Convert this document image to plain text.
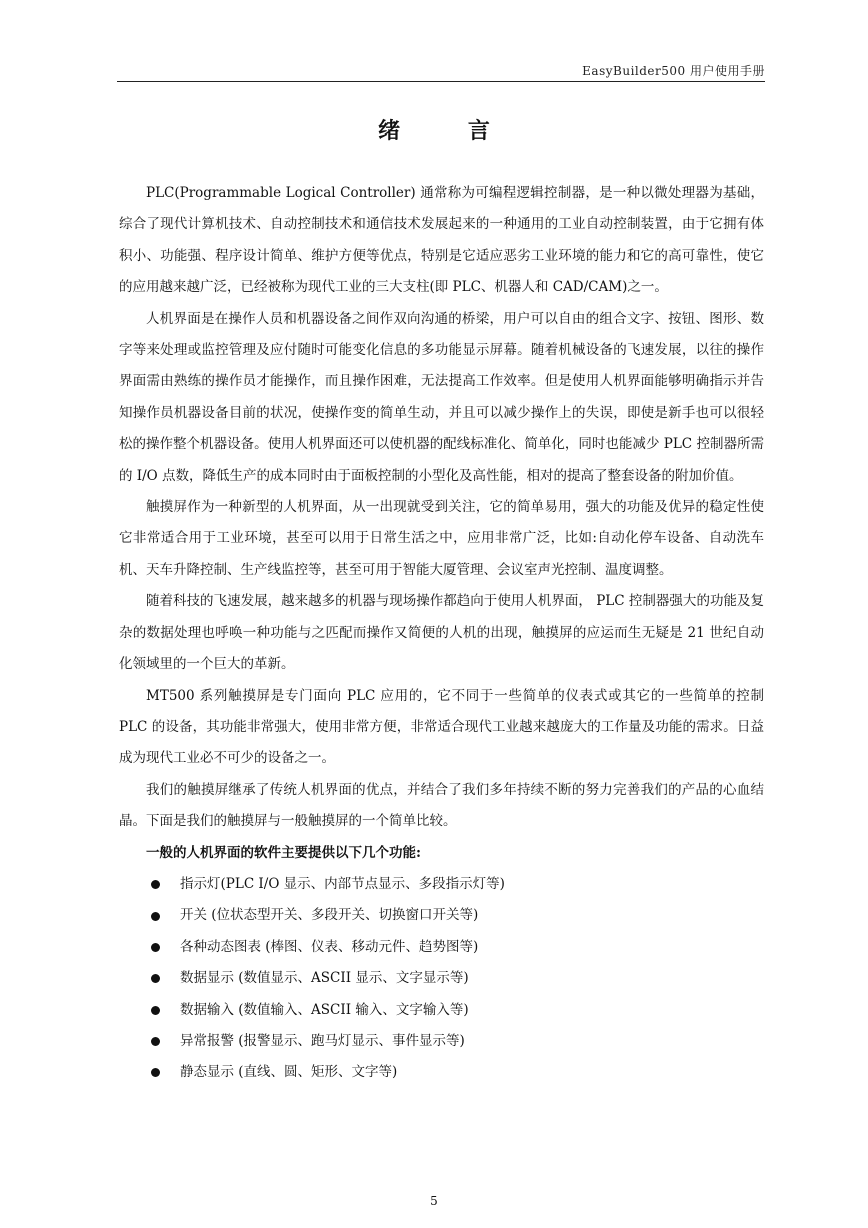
EasyBuilder500 用户使用手册
绪 言

PLC(Programmable Logical Controller) 通常称为可编程逻辑控制器，是一种以微处理器为基础，综合了现代计算机技术、自动控制技术和通信技术发展起来的一种通用的工业自动控制装置，由于它拥有体积小、功能强、程序设计简单、维护方便等优点，特别是它适应恶劣工业环境的能力和它的高可靠性，使它的应用越来越广泛，已经被称为现代工业的三大支柱(即 PLC、机器人和 CAD/CAM)之一。

人机界面是在操作人员和机器设备之间作双向沟通的桥梁，用户可以自由的组合文字、按钮、图形、数字等来处理或监控管理及应付随时可能变化信息的多功能显示屏幕。随着机械设备的飞速发展，以往的操作界面需由熟练的操作员才能操作，而且操作困难，无法提高工作效率。但是使用人机界面能够明确指示并告知操作员机器设备目前的状况，使操作变的简单生动，并且可以减少操作上的失误，即使是新手也可以很轻松的操作整个机器设备。使用人机界面还可以使机器的配线标准化、简单化，同时也能减少 PLC 控制器所需的 I/O 点数，降低生产的成本同时由于面板控制的小型化及高性能，相对的提高了整套设备的附加价值。

触摸屏作为一种新型的人机界面，从一出现就受到关注，它的简单易用，强大的功能及优异的稳定性使它非常适合用于工业环境，甚至可以用于日常生活之中，应用非常广泛，比如:自动化停车设备、自动洗车机、天车升降控制、生产线监控等，甚至可用于智能大厦管理、会议室声光控制、温度调整。

随着科技的飞速发展，越来越多的机器与现场操作都趋向于使用人机界面， PLC 控制器强大的功能及复杂的数据处理也呼唤一种功能与之匹配而操作又简便的人机的出现，触摸屏的应运而生无疑是 21 世纪自动化领域里的一个巨大的革新。

MT500 系列触摸屏是专门面向 PLC 应用的，它不同于一些简单的仪表式或其它的一些简单的控制 PLC 的设备，其功能非常强大，使用非常方便，非常适合现代工业越来越庞大的工作量及功能的需求。日益成为现代工业必不可少的设备之一。

我们的触摸屏继承了传统人机界面的优点，并结合了我们多年持续不断的努力完善我们的产品的心血结晶。下面是我们的触摸屏与一般触摸屏的一个简单比较。

一般的人机界面的软件主要提供以下几个功能:

指示灯(PLC I/O 显示、内部节点显示、多段指示灯等)
开关 (位状态型开关、多段开关、切换窗口开关等)
各种动态图表 (棒图、仪表、移动元件、趋势图等)
数据显示 (数值显示、ASCII 显示、文字显示等)
数据输入 (数值输入、ASCII 输入、文字输入等)
异常报警 (报警显示、跑马灯显示、事件显示等)
静态显示 (直线、圆、矩形、文字等)
5
